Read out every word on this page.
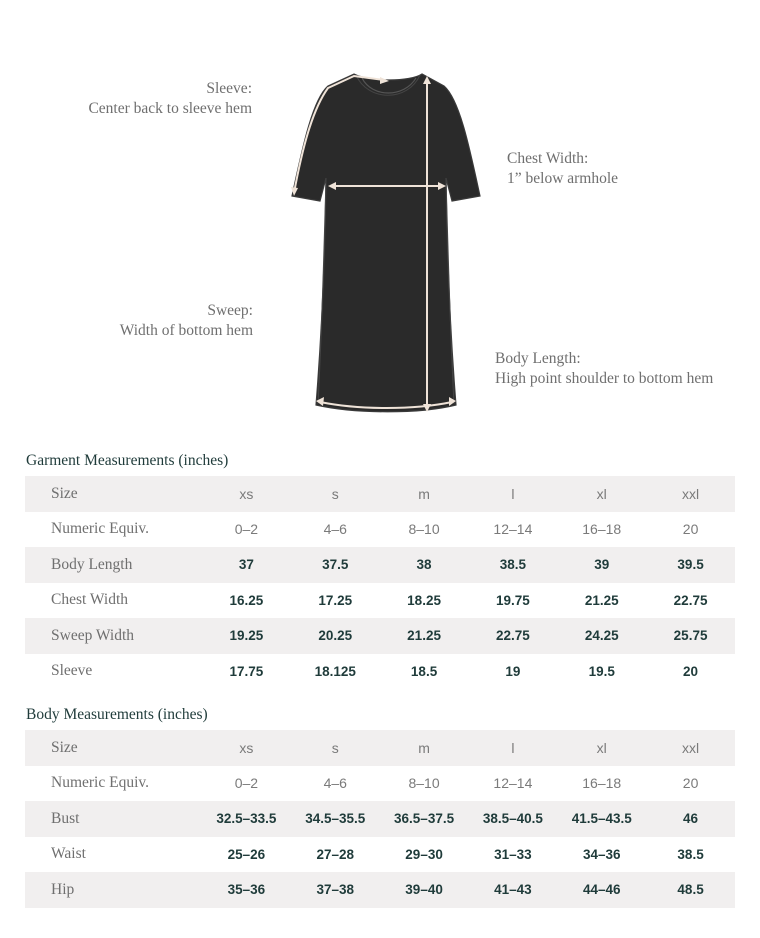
Sleeve:
Center back to sleeve hem
Sweep:
Width of bottom hem
Chest Width:
1” below armhole
Body Length:
High point shoulder to bottom hem
Garment Measurements (inches)
Size	xs	s	m	l	xl	xxl
Numeric Equiv.	0–2	4–6	8–10	12–14	16–18	20
Body Length	37	37.5	38	38.5	39	39.5
Chest Width	16.25	17.25	18.25	19.75	21.25	22.75
Sweep Width	19.25	20.25	21.25	22.75	24.25	25.75
Sleeve	17.75	18.125	18.5	19	19.5	20
Body Measurements (inches)
Size	xs	s	m	l	xl	xxl
Numeric Equiv.	0–2	4–6	8–10	12–14	16–18	20
Bust	32.5–33.5	34.5–35.5	36.5–37.5	38.5–40.5	41.5–43.5	46
Waist	25–26	27–28	29–30	31–33	34–36	38.5
Hip	35–36	37–38	39–40	41–43	44–46	48.5
